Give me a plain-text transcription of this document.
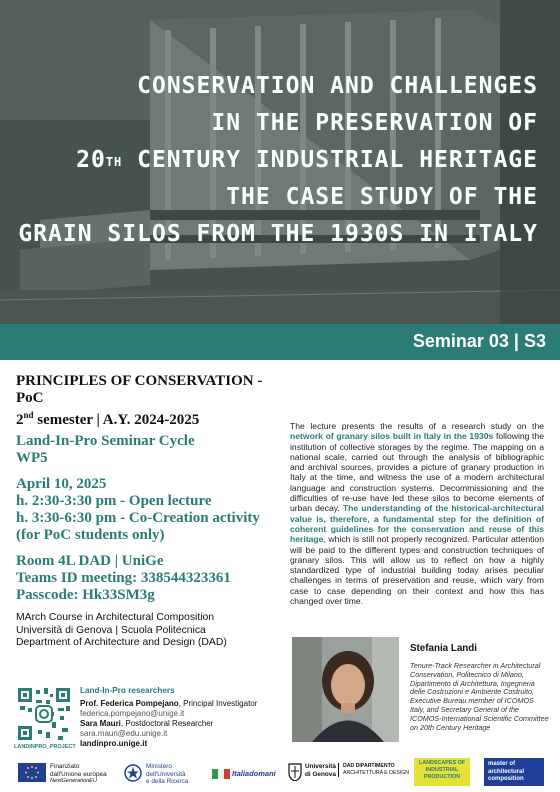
CONSERVATION AND CHALLENGES
IN THE PRESERVATION OF
20TH CENTURY INDUSTRIAL HERITAGE
THE CASE STUDY OF THE
GRAIN SILOS FROM THE 1930S IN ITALY
Seminar 03 | S3
PRINCIPLES OF CONSERVATION - PoC
2nd semester | A.Y. 2024-2025
Land-In-Pro Seminar Cycle
WP5
April 10, 2025
h. 2:30-3:30 pm - Open lecture
h. 3:30-6:30 pm - Co-Creation activity (for PoC students only)
Room 4L DAD | UniGe
Teams ID meeting: 338544323361
Passcode: Hk33SM3g
MArch Course in Architectural Composition
Università di Genova | Scuola Politecnica
Department of Architecture and Design (DAD)
LANDINPRO_PROJECT
Land-In-Pro researchers
Prof. Federica Pompejano, Principal Investigator
federica.pompejano@unige.it
Sara Mauri, Postdoctoral Researcher
sara.mauri@edu.unige.it
landinpro.unige.it
The lecture presents the results of a research study on the network of granary silos built in Italy in the 1930s following the institution of collective storages by the regime. The mapping on a national scale, carried out through the analysis of bibliographic and archival sources, provides a picture of granary production in Italy at the time, and witness the use of a modern architectural language and construction systems. Decommissioning and the difficulties of re-use have led these silos to become elements of urban decay. The understanding of the historical-architectural value is, therefore, a fundamental step for the definition of coherent guidelines for the conservation and reuse of this heritage, which is still not properly recognized. Particular attention will be paid to the different types and construction techniques of granary silos. This will allow us to reflect on how a highly standardized type of industrial building today arises peculiar challenges in terms of preservation and reuse, which vary from case to case depending on their context and how this has changed over time.
Stefania Landi
Tenure-Track Researcher in Architectural Conservation, Politecnico di Milano, Dipartimento di Architettura, Ingegneria delle Costruzioni e Ambiente Costruito, Executive Bureau member of ICOMOS Italy, and Secretary General of the ICOMOS-International Scientific Committee on 20th Century Heritage
Finanziato
dall'Unione europea
NextGenerationEU
Ministero
dell'Università
e della Ricerca
Italiadomani
Università
di Genova
DAD DIPARTIMENTO
ARCHITETTURA E DESIGN
LANDSCAPES OF
INDUSTRIAL
PRODUCTION
master of
architectural
composition
